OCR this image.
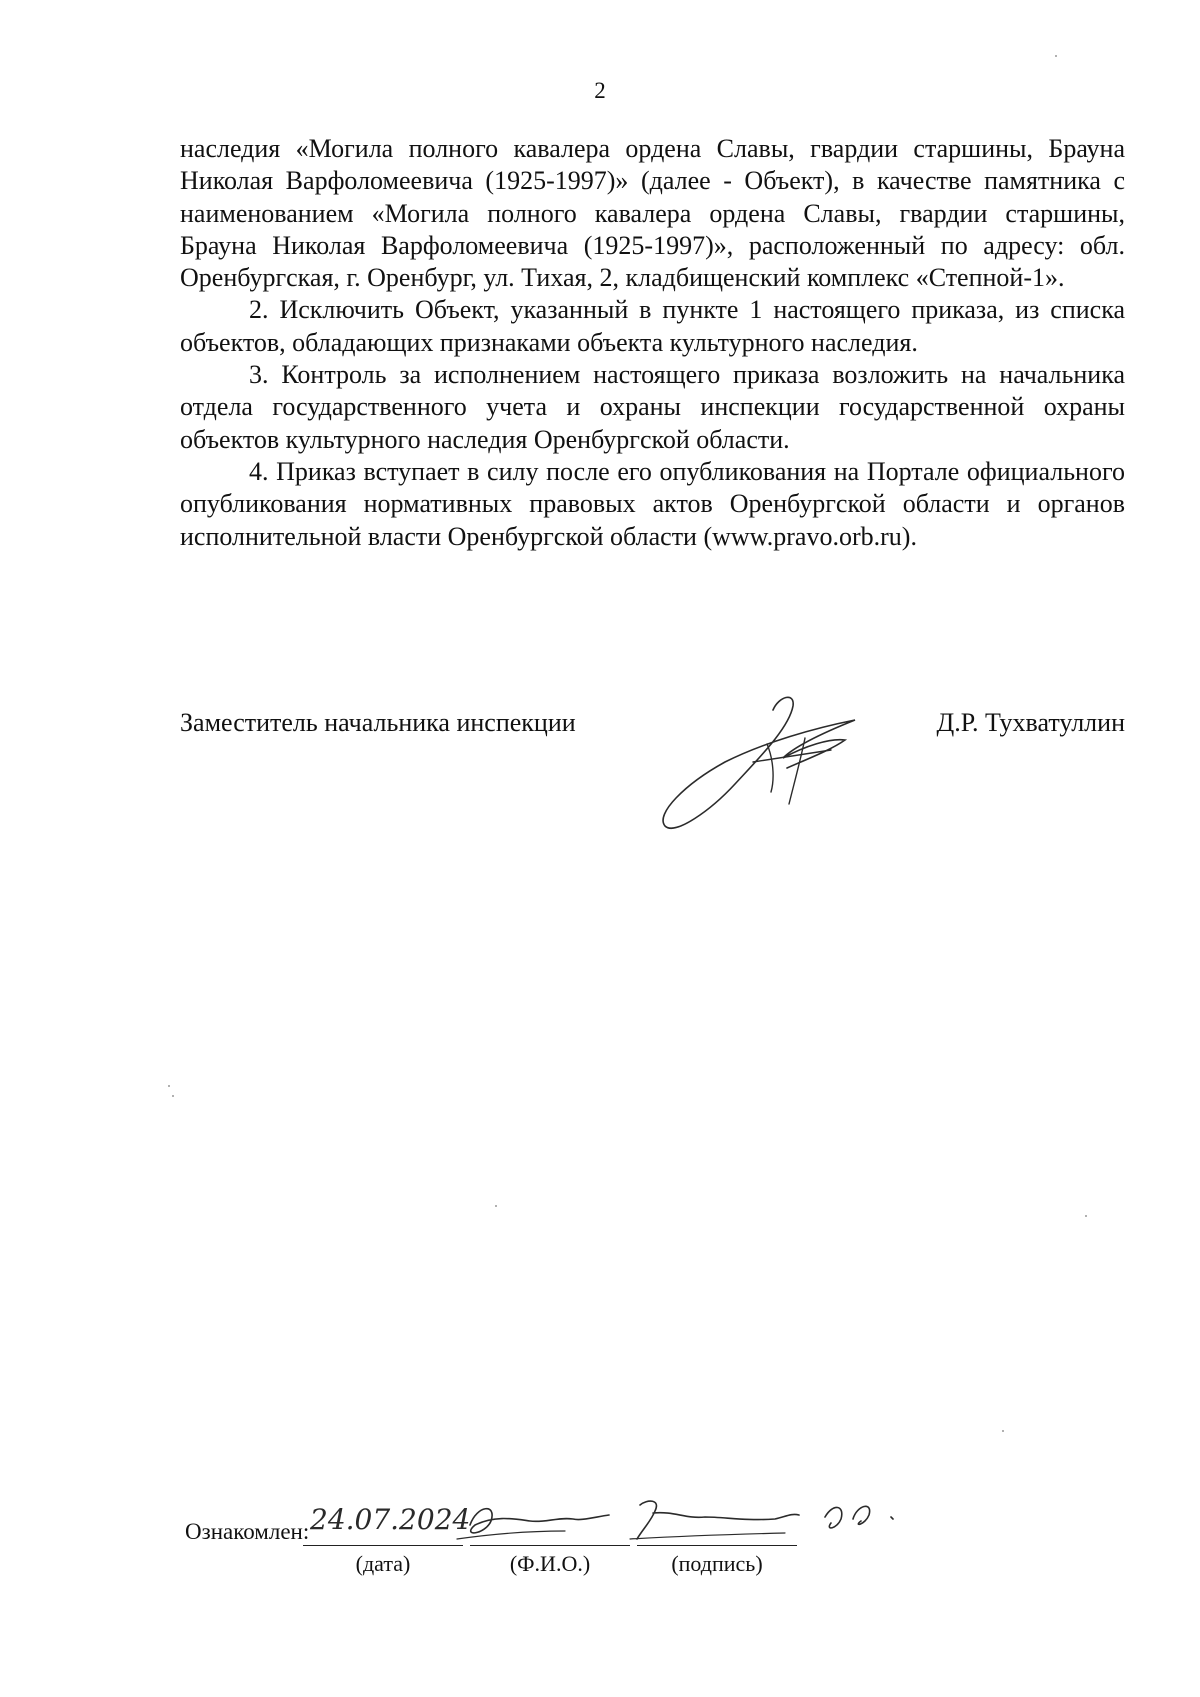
2

наследия «Могила полного кавалера ордена Славы, гвардии старшины, Брауна Николая Варфоломеевича (1925-1997)» (далее - Объект), в качестве памятника с наименованием «Могила полного кавалера ордена Славы, гвардии старшины, Брауна Николая Варфоломеевича (1925-1997)», расположенный по адресу: обл. Оренбургская, г. Оренбург, ул. Тихая, 2, кладбищенский комплекс «Степной-1».

2. Исключить Объект, указанный в пункте 1 настоящего приказа, из списка объектов, обладающих признаками объекта культурного наследия.

3. Контроль за исполнением настоящего приказа возложить на начальника отдела государственного учета и охраны инспекции государственной охраны объектов культурного наследия Оренбургской области.

4. Приказ вступает в силу после его опубликования на Портале официального опубликования нормативных правовых актов Оренбургской области и органов исполнительной власти Оренбургской области (www.pravo.orb.ru).

Заместитель начальника инспекции	Д.Р. Тухватуллин
Ознакомлен: 24.07.2024
(дата)	(Ф.И.О.)	(подпись)
